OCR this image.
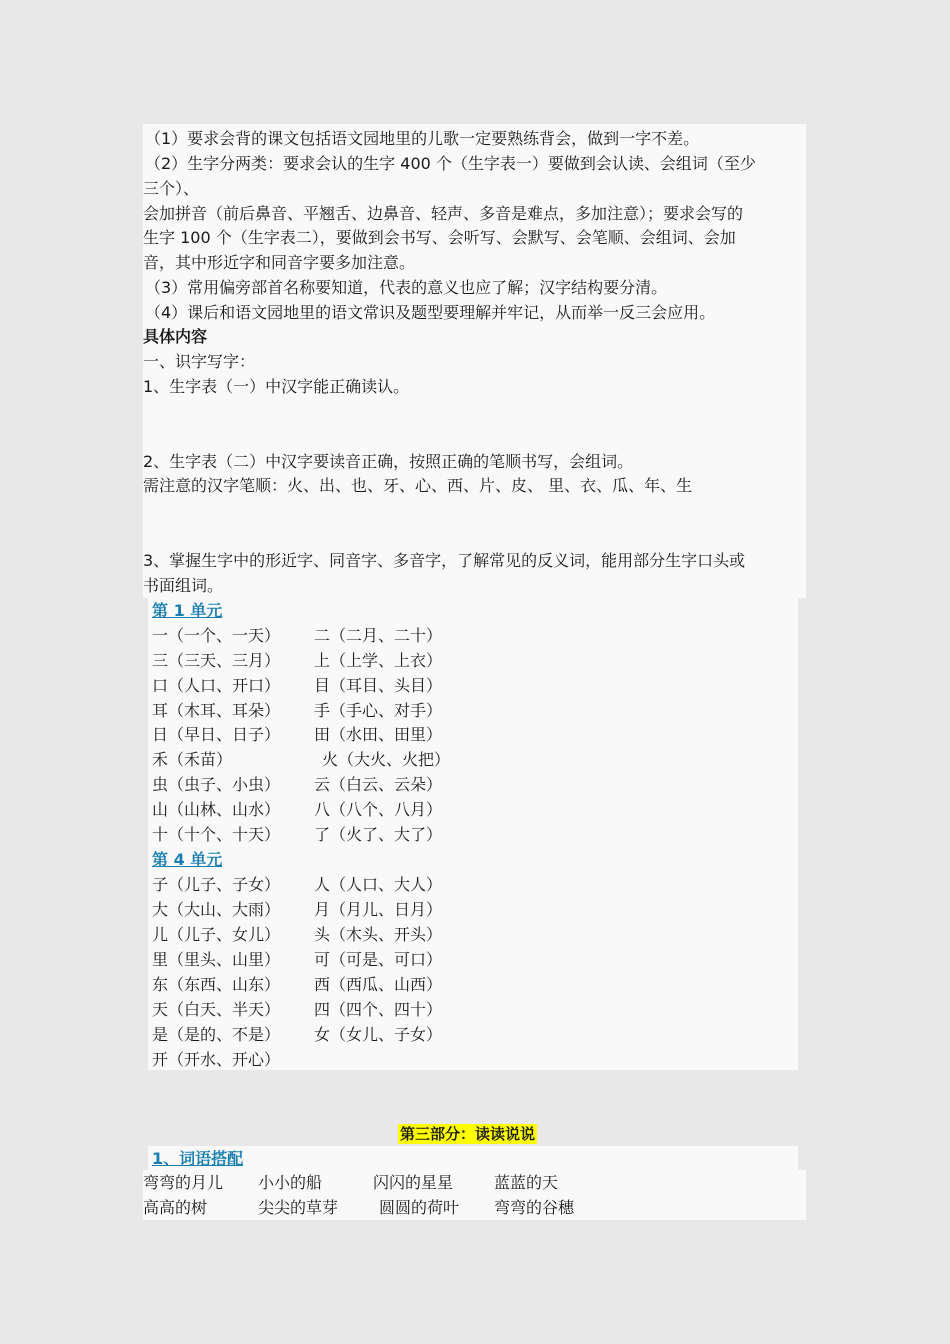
（1）要求会背的课文包括语文园地里的儿歌一定要熟练背会，做到一字不差。
（2）生字分两类：要求会认的生字 400 个（生字表一）要做到会认读、会组词（至少
三个）、
会加拼音（前后鼻音、平翘舌、边鼻音、轻声、多音是难点，多加注意）；要求会写的
生字 100 个（生字表二），要做到会书写、会听写、会默写、会笔顺、会组词、会加
音，其中形近字和同音字要多加注意。
（3）常用偏旁部首名称要知道，代表的意义也应了解；汉字结构要分清。
（4）课后和语文园地里的语文常识及题型要理解并牢记，从而举一反三会应用。
具体内容
一、识字写字：
1、生字表（一）中汉字能正确读认。
2、生字表（二）中汉字要读音正确，按照正确的笔顺书写，会组词。
需注意的汉字笔顺：火、出、也、牙、心、西、片、皮、 里、衣、瓜、年、生
3、掌握生字中的形近字、同音字、多音字，了解常见的反义词，能用部分生字口头或
书面组词。
第 1 单元
一（一个、一天） 二（二月、二十）
三（三天、三月） 上（上学、上衣）
口（人口、开口） 目（耳目、头目）
耳（木耳、耳朵） 手（手心、对手）
日（早日、日子） 田（水田、田里）
禾（禾苗）	火（大火、火把）
虫（虫子、小虫） 云（白云、云朵）
山（山林、山水） 八（八个、八月）
十（十个、十天） 了（火了、大了）
第 4 单元
子（儿子、子女） 人（人口、大人）
大（大山、大雨） 月（月儿、日月）
儿（儿子、女儿） 头（木头、开头）
里（里头、山里） 可（可是、可口）
东（东西、山东） 西（西瓜、山西）
天（白天、半天） 四（四个、四十）
是（是的、不是） 女（女儿、子女）
开（开水、开心）
第三部分：读读说说
1、词语搭配
弯弯的月儿 小小的船	闪闪的星星	蓝蓝的天
高高的树	尖尖的草芽	圆圆的荷叶 弯弯的谷穗
